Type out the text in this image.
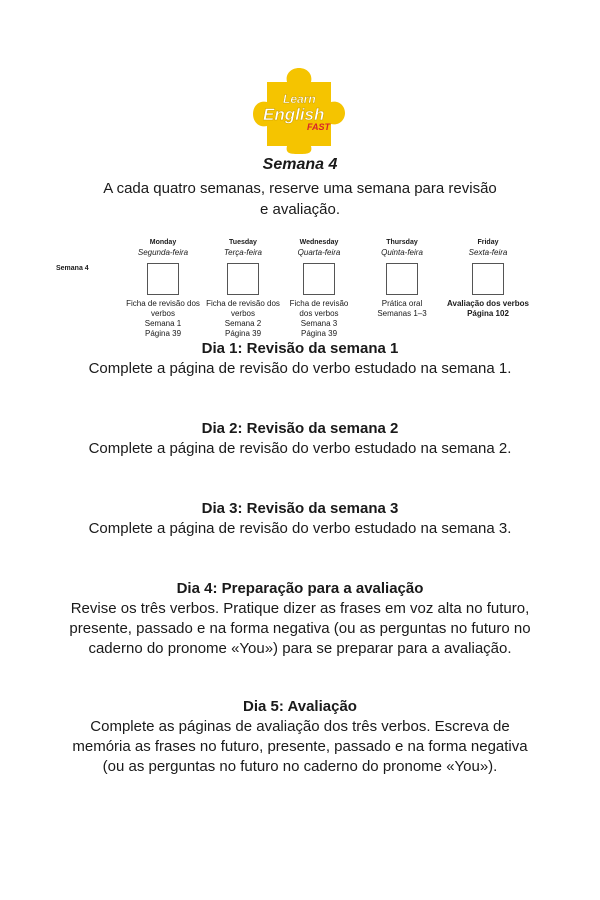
Learn
English
FAST
Semana 4
A cada quatro semanas, reserve uma semana para revisão e avaliação.
Semana 4
Monday
Segunda-feira
Ficha de revisão dos
verbos
Semana 1
Página 39
Tuesday
Terça-feira
Ficha de revisão dos
verbos
Semana 2
Página 39
Wednesday
Quarta-feira
Ficha de revisão
dos verbos
Semana 3
Página 39
Thursday
Quinta-feira
Prática oral
Semanas 1–3
Friday
Sexta-feira
Avaliação dos verbos
Página 102
Dia 1: Revisão da semana 1
Complete a página de revisão do verbo estudado na semana 1.
Dia 2: Revisão da semana 2
Complete a página de revisão do verbo estudado na semana 2.
Dia 3: Revisão da semana 3
Complete a página de revisão do verbo estudado na semana 3.
Dia 4: Preparação para a avaliação
Revise os três verbos. Pratique dizer as frases em voz alta no futuro, presente, passado e na forma negativa (ou as perguntas no futuro no caderno do pronome «You») para se preparar para a avaliação.
Dia 5: Avaliação
Complete as páginas de avaliação dos três verbos. Escreva de memória as frases no futuro, presente, passado e na forma negativa (ou as perguntas no futuro no caderno do pronome «You»).
